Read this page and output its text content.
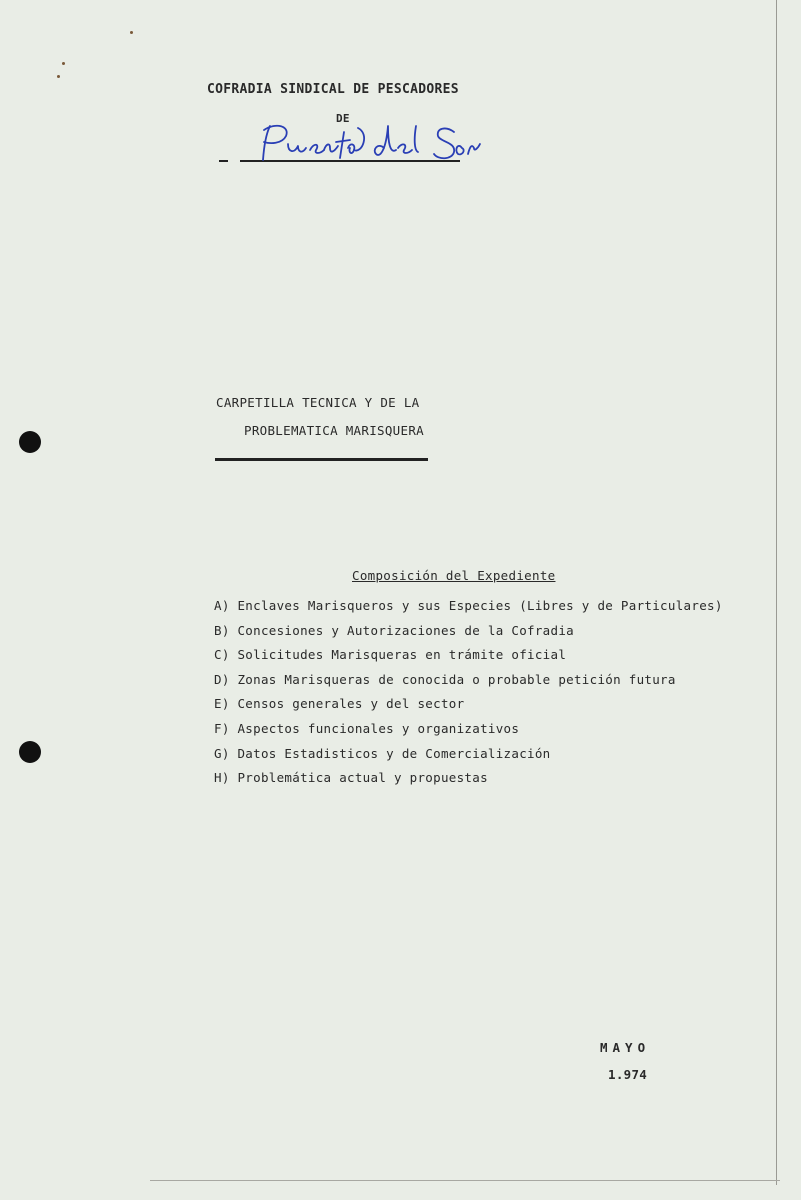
COFRADIA SINDICAL DE PESCADORES
DE
CARPETILLA TECNICA Y DE LA
PROBLEMATICA MARISQUERA
Composición del Expediente
A) Enclaves Marisqueros y sus Especies (Libres y de Particulares)
B) Concesiones y Autorizaciones de la Cofradia
C) Solicitudes Marisqueras en trámite oficial
D) Zonas Marisqueras de conocida o probable petición futura
E) Censos generales y del sector
F) Aspectos funcionales y organizativos
G) Datos Estadisticos y de Comercialización
H) Problemática actual y propuestas
MAYO
1.974
